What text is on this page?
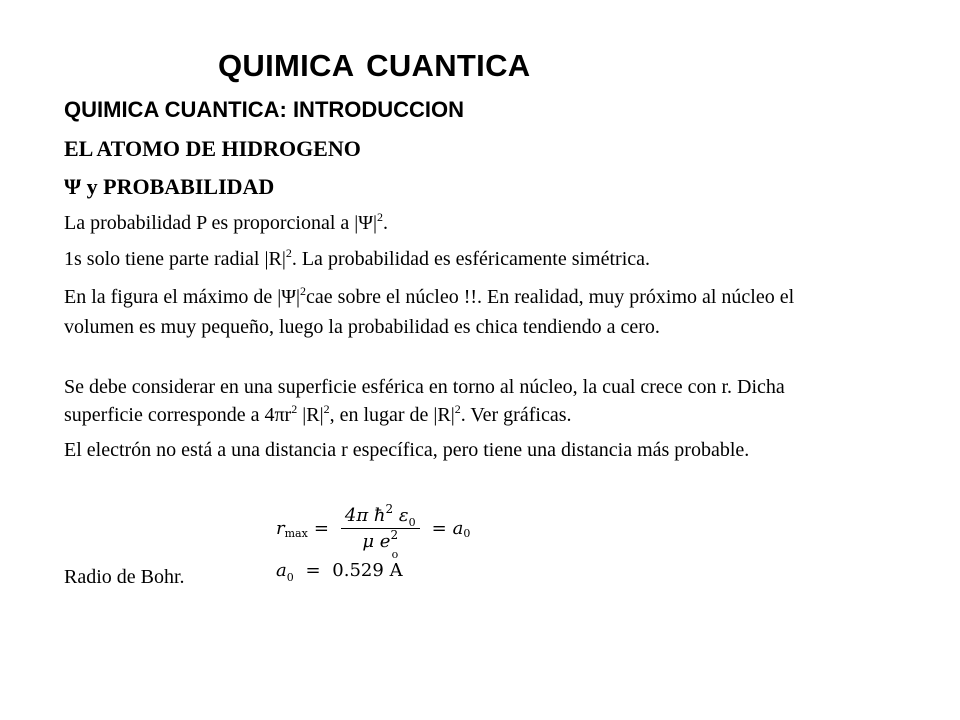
QUIMICA CUANTICA
QUIMICA CUANTICA: INTRODUCCION
EL ATOMO DE HIDROGENO
Ψ y PROBABILIDAD
La probabilidad P es proporcional a $|\Psi|^2$.
1s solo tiene parte radial $|R|^2$. La probabilidad es esféricamente simétrica.
En la figura el máximo de $|\Psi|^2cae$ sobre el núcleo !!. En realidad, muy próximo al núcleo el volumen es muy pequeño, luego la probabilidad es chica tendiendo a cero.
Se debe considerar en una superficie esférica en torno al núcleo, la cual crece con r. Dicha superficie corresponde a $4\pi r^2$ $|R|^2$, en lugar de $|R|^2$. Ver gráficas.
El electrón no está a una distancia r específica, pero tiene una distancia más probable.
r $\max = \frac{4\pi ħ^2 \varepsilon_0}{\mu e^2} = a$ 0
Radio de Bohr.	$a_0 = 0.529$ A
o
